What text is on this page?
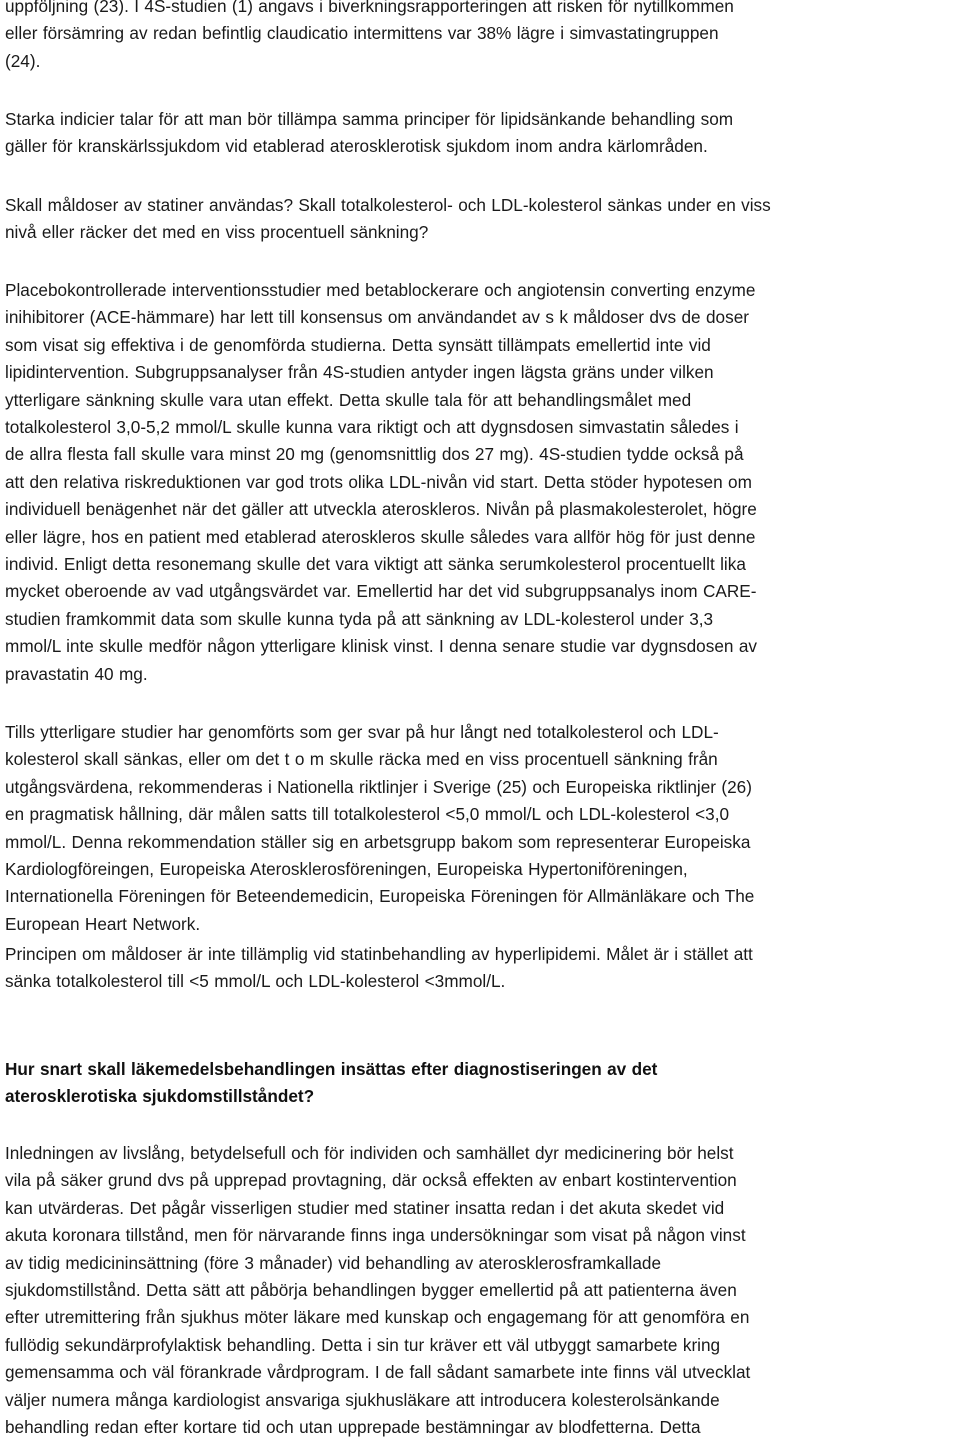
uppföljning (23). I 4S-studien (1) angavs i biverkningsrapporteringen att risken för nytillkommen
eller försämring av redan befintlig claudicatio intermittens var 38% lägre i simvastatingruppen
(24).

Starka indicier talar för att man bör tillämpa samma principer för lipidsänkande behandling som
gäller för kranskärlssjukdom vid etablerad aterosklerotisk sjukdom inom andra kärlområden.

Skall måldoser av statiner användas? Skall totalkolesterol- och LDL-kolesterol sänkas under en viss
nivå eller räcker det med en viss procentuell sänkning?

Placebokontrollerade interventionsstudier med betablockerare och angiotensin converting enzyme
inihibitorer (ACE-hämmare) har lett till konsensus om användandet av s k måldoser dvs de doser
som visat sig effektiva i de genomförda studierna. Detta synsätt tillämpats emellertid inte vid
lipidintervention. Subgruppsanalyser från 4S-studien antyder ingen lägsta gräns under vilken
ytterligare sänkning skulle vara utan effekt. Detta skulle tala för att behandlingsmålet med
totalkolesterol 3,0-5,2 mmol/L skulle kunna vara riktigt och att dygnsdosen simvastatin således i
de allra flesta fall skulle vara minst 20 mg (genomsnittlig dos 27 mg). 4S-studien tydde också på
att den relativa riskreduktionen var god trots olika LDL-nivån vid start. Detta stöder hypotesen om
individuell benägenhet när det gäller att utveckla ateroskleros. Nivån på plasmakolesterolet, högre
eller lägre, hos en patient med etablerad ateroskleros skulle således vara allför hög för just denne
individ. Enligt detta resonemang skulle det vara viktigt att sänka serumkolesterol procentuellt lika
mycket oberoende av vad utgångsvärdet var. Emellertid har det vid subgruppsanalys inom CARE-
studien framkommit data som skulle kunna tyda på att sänkning av LDL-kolesterol under 3,3
mmol/L inte skulle medför någon ytterligare klinisk vinst. I denna senare studie var dygnsdosen av
pravastatin 40 mg.

Tills ytterligare studier har genomförts som ger svar på hur långt ned totalkolesterol och LDL-
kolesterol skall sänkas, eller om det t o m skulle räcka med en viss procentuell sänkning från
utgångsvärdena, rekommenderas i Nationella riktlinjer i Sverige (25) och Europeiska riktlinjer (26)
en pragmatisk hållning, där målen satts till totalkolesterol <5,0 mmol/L och LDL-kolesterol <3,0
mmol/L. Denna rekommendation ställer sig en arbetsgrupp bakom som representerar Europeiska
Kardiologföreingen, Europeiska Aterosklerosföreningen, Europeiska Hypertoniföreningen,
Internationella Föreningen för Beteendemedicin, Europeiska Föreningen för Allmänläkare och The
European Heart Network.

Principen om måldoser är inte tillämplig vid statinbehandling av hyperlipidemi. Målet är i stället att
sänka totalkolesterol till <5 mmol/L och LDL-kolesterol <3mmol/L.

Hur snart skall läkemedelsbehandlingen insättas efter diagnostiseringen av det
aterosklerotiska sjukdomstillståndet?

Inledningen av livslång, betydelsefull och för individen och samhället dyr medicinering bör helst
vila på säker grund dvs på upprepad provtagning, där också effekten av enbart kostintervention
kan utvärderas. Det pågår visserligen studier med statiner insatta redan i det akuta skedet vid
akuta koronara tillstånd, men för närvarande finns inga undersökningar som visat på någon vinst
av tidig medicininsättning (före 3 månader) vid behandling av aterosklerosframkallade
sjukdomstillstånd. Detta sätt att påbörja behandlingen bygger emellertid på att patienterna även
efter utremittering från sjukhus möter läkare med kunskap och engagemang för att genomföra en
fullödig sekundärprofylaktisk behandling. Detta i sin tur kräver ett väl utbyggt samarbete kring
gemensamma och väl förankrade vårdprogram. I de fall sådant samarbete inte finns väl utvecklat
väljer numera många kardiologist ansvariga sjukhusläkare att introducera kolesterolsänkande
behandling redan efter kortare tid och utan upprepade bestämningar av blodfetterna. Detta
